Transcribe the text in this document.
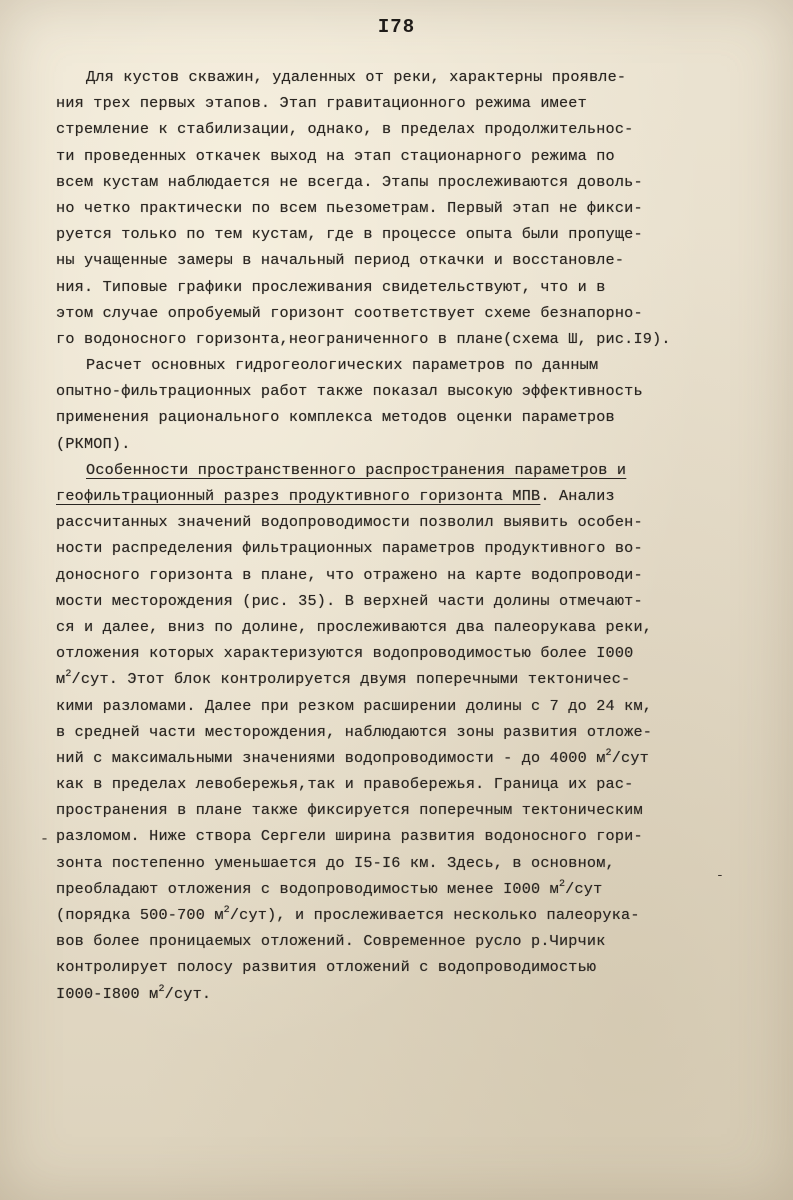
I78
Для кустов скважин, удаленных от реки, характерны проявле-
ния трех первых этапов. Этап гравитационного режима имеет
стремление к стабилизации, однако, в пределах продолжительнос-
ти проведенных откачек выход на этап стационарного режима по
всем кустам наблюдается не всегда. Этапы прослеживаются доволь-
но четко практически по всем пьезометрам. Первый этап не фикси-
руется только по тем кустам, где в процессе опыта были пропуще-
ны учащенные замеры в начальный период откачки и восстановле-
ния. Типовые графики прослеживания свидетельствуют, что и в
этом случае опробуемый горизонт соответствует схеме безнапорно-
го водоносного горизонта,неограниченного в плане(схема Ш, рис.I9).
Расчет основных гидрогеологических параметров по данным
опытно-фильтрационных работ также показал высокую эффективность
применения рационального комплекса методов оценки параметров
(РКМОП).
Особенности пространственного распространения параметров и
геофильтрационный разрез продуктивного горизонта МПВ. Анализ
рассчитанных значений водопроводимости позволил выявить особен-
ности распределения фильтрационных параметров продуктивного во-
доносного горизонта в плане, что отражено на карте водопроводи-
мости месторождения (рис. 35). В верхней части долины отмечают-
ся и далее, вниз по долине, прослеживаются два палеорукава реки,
отложения которых характеризуются водопроводимостью более I000
$м^2$/сут. Этот блок контролируется двумя поперечными тектоничес-
кими разломами. Далее при резком расширении долины с 7 до 24 км,
в средней части месторождения, наблюдаются зоны развития отложе-
ний с максимальными значениями водопроводимости - до 4000 $м^2$/сут
как в пределах левобережья,так и правобережья. Граница их рас-
пространения в плане также фиксируется поперечным тектоническим
разломом. Ниже створа Сергели ширина развития водоносного гори-
зонта постепенно уменьшается до I5-I6 км. Здесь, в основном,
преобладают отложения с водопроводимостью менее I000 $м^2$/сут
(порядка 500-700 $м^2/сут$), и прослеживается несколько палеорука-
вов более проницаемых отложений. Современное русло р.Чирчик
контролирует полосу развития отложений с водопроводимостью
I000-I800 $м^2$/сут.
-
-
